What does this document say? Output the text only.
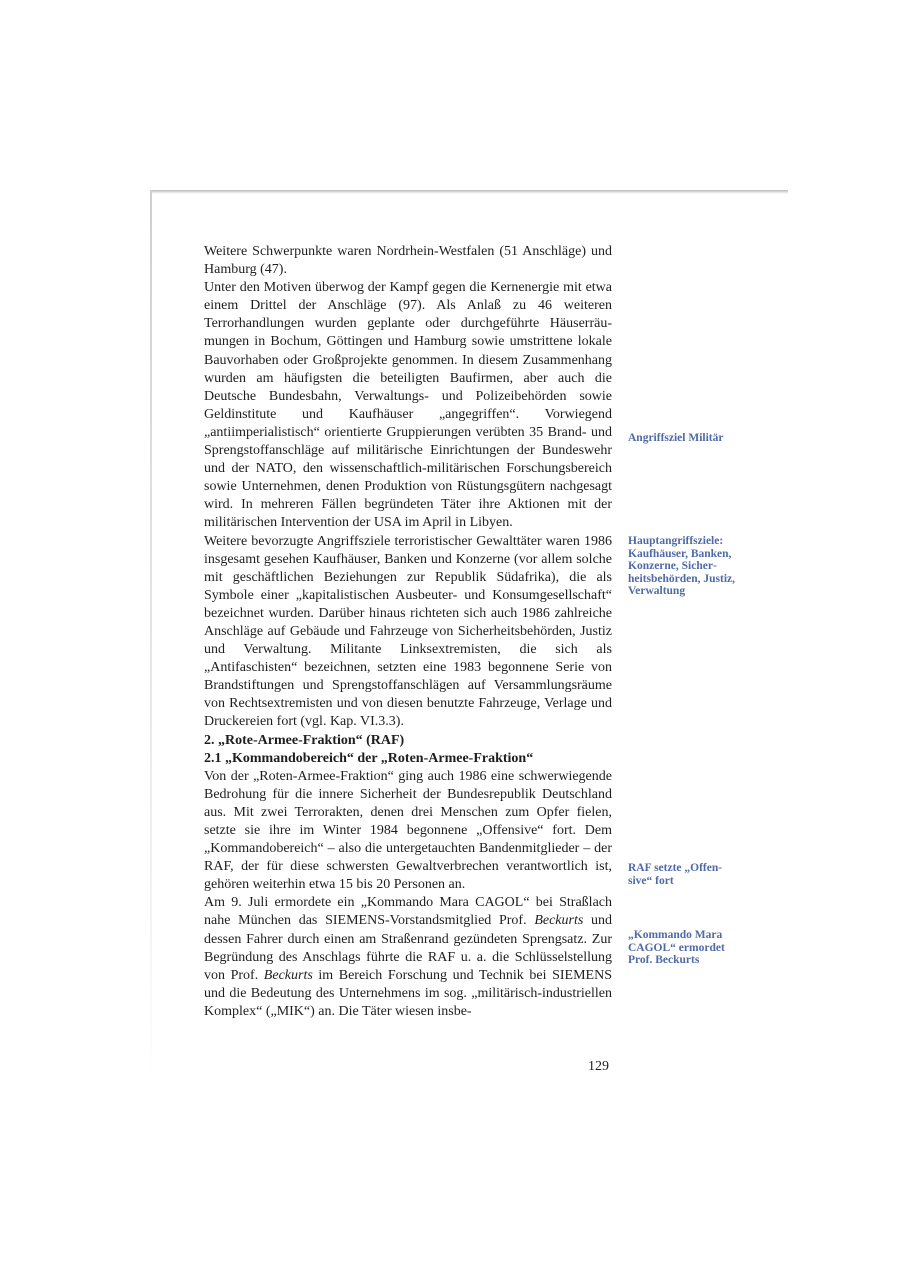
Weitere Schwerpunkte waren Nordrhein-Westfalen (51 Anschläge) und Hamburg (47).

Unter den Motiven überwog der Kampf gegen die Kernenergie mit etwa einem Drittel der Anschläge (97). Als Anlaß zu 46 weiteren Terrorhandlungen wurden geplante oder durchgeführte Häuserräumungen in Bochum, Göttingen und Hamburg sowie umstrittene lokale Bauvorhaben oder Großprojekte genommen. In diesem Zusammenhang wurden am häufigsten die beteiligten Baufirmen, aber auch die Deutsche Bundesbahn, Verwaltungs- und Polizeibehörden sowie Geldinstitute und Kaufhäuser „angegriffen“. Vorwiegend „antiimperialistisch“ orientierte Gruppierungen verübten 35 Brand- und Sprengstoffanschläge auf militärische Einrichtungen der Bundeswehr und der NATO, den wissenschaftlich-militärischen Forschungsbereich sowie Unternehmen, denen Produktion von Rüstungsgütern nachgesagt wird. In mehreren Fällen begründeten Täter ihre Aktionen mit der militärischen Intervention der USA im April in Libyen.

Weitere bevorzugte Angriffsziele terroristischer Gewalttäter waren 1986 insgesamt gesehen Kaufhäuser, Banken und Konzerne (vor allem solche mit geschäftlichen Beziehungen zur Republik Südafrika), die als Symbole einer „kapitalistischen Ausbeuter- und Konsumgesellschaft“ bezeichnet wurden. Darüber hinaus richteten sich auch 1986 zahlreiche Anschläge auf Gebäude und Fahrzeuge von Sicherheitsbehörden, Justiz und Verwaltung. Militante Linksextremisten, die sich als „Antifaschisten“ bezeichnen, setzten eine 1983 begonnene Serie von Brandstiftungen und Sprengstoffanschlägen auf Versammlungsräume von Rechtsextremisten und von diesen benutzte Fahrzeuge, Verlage und Druckereien fort (vgl. Kap. VI.3.3).

2. „Rote-Armee-Fraktion“ (RAF)

2.1 „Kommandobereich“ der „Roten-Armee-Fraktion“

Von der „Roten-Armee-Fraktion“ ging auch 1986 eine schwerwiegende Bedrohung für die innere Sicherheit der Bundesrepublik Deutschland aus. Mit zwei Terrorakten, denen drei Menschen zum Opfer fielen, setzte sie ihre im Winter 1984 begonnene „Offensive“ fort. Dem „Kommandobereich“ – also die untergetauchten Bandenmitglieder – der RAF, der für diese schwersten Gewaltverbrechen verantwortlich ist, gehören weiterhin etwa 15 bis 20 Personen an.

Am 9. Juli ermordete ein „Kommando Mara CAGOL“ bei Straßlach nahe München das SIEMENS-Vorstandsmitglied Prof. Beckurts und dessen Fahrer durch einen am Straßenrand gezündeten Sprengsatz. Zur Begründung des Anschlags führte die RAF u. a. die Schlüsselstellung von Prof. Beckurts im Bereich Forschung und Technik bei SIEMENS und die Bedeutung des Unternehmens im sog. „militärisch-industriellen Komplex“ („MIK“) an. Die Täter wiesen insbe-

Angriffsziel Militär
Hauptangriffsziele: Kaufhäuser, Banken, Konzerne, Sicherheitsbehörden, Justiz, Verwaltung
RAF setzte „Offensive“ fort
„Kommando Mara CAGOL“ ermordet Prof. Beckurts
129
